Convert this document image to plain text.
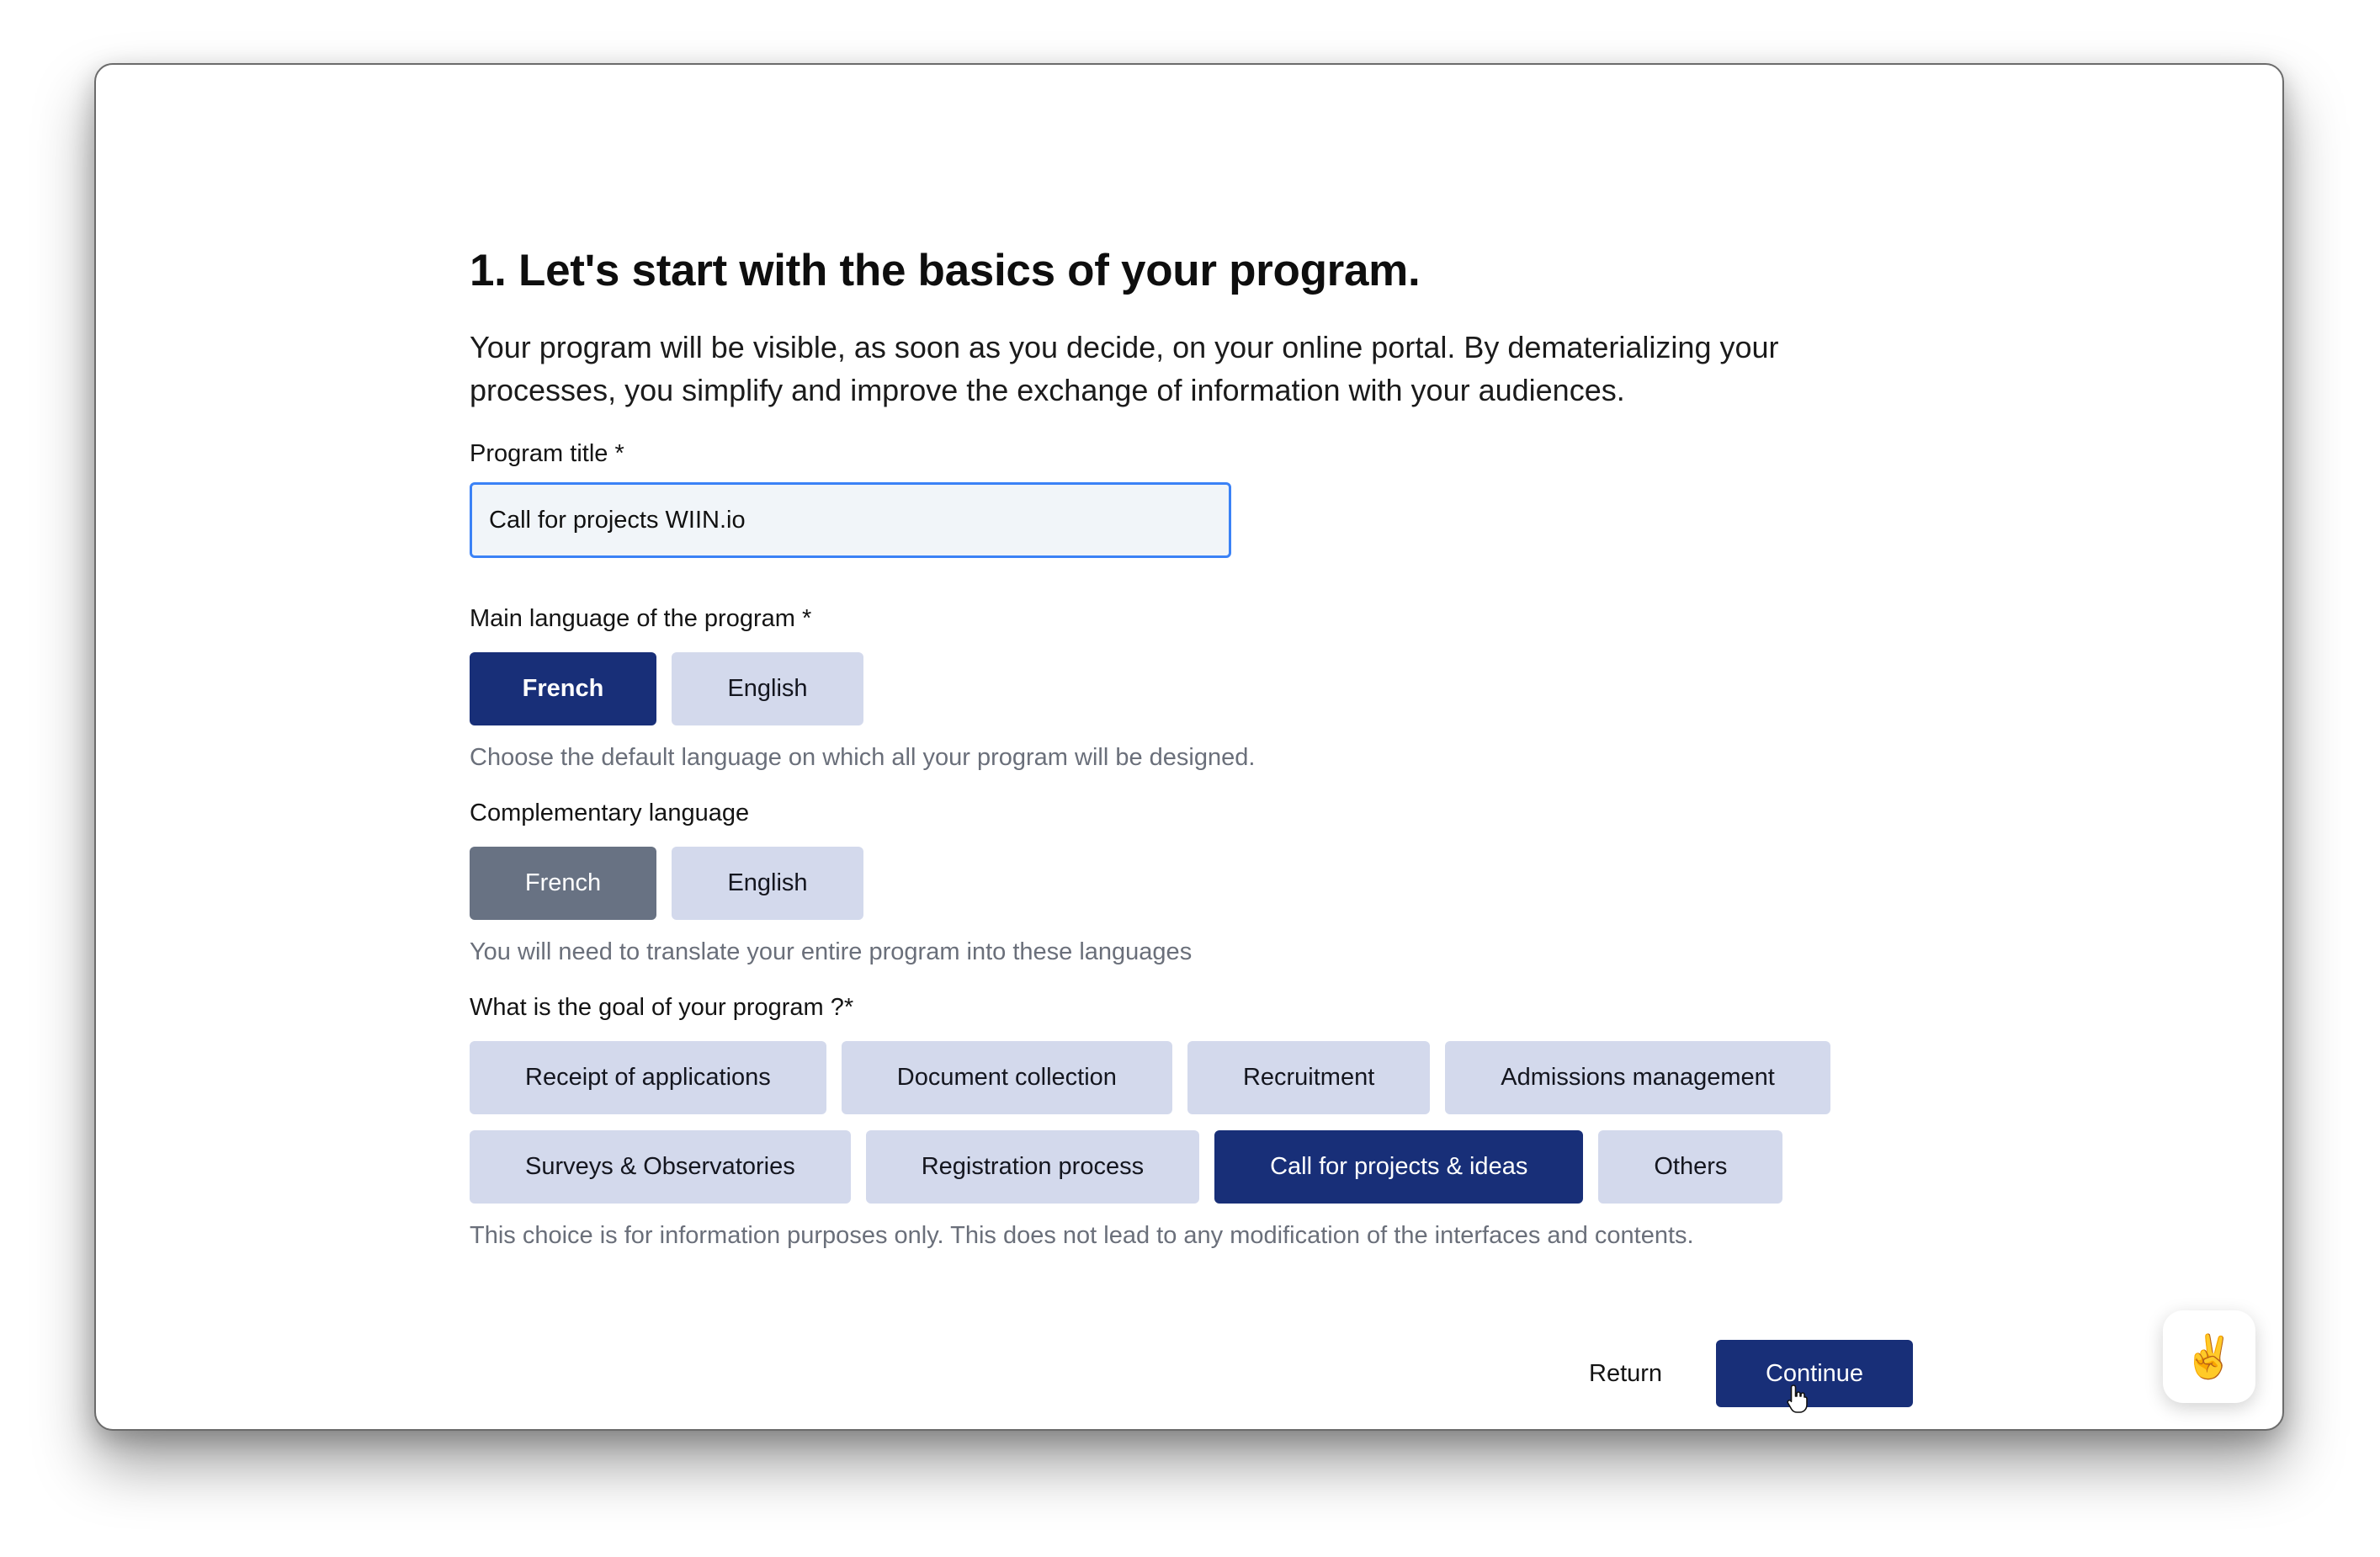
1. Let's start with the basics of your program.
Your program will be visible, as soon as you decide, on your online portal. By dematerializing your processes, you simplify and improve the exchange of information with your audiences.
Program title *
Call for projects WIIN.io
Main language of the program *
French	English
Choose the default language on which all your program will be designed.
Complementary language
French	English
You will need to translate your entire program into these languages
What is the goal of your program ?*
Receipt of applications	Document collection	Recruitment	Admissions management
Surveys & Observatories	Registration process	Call for projects & ideas	Others
This choice is for information purposes only. This does not lead to any modification of the interfaces and contents.
Return	Continue	✌️
